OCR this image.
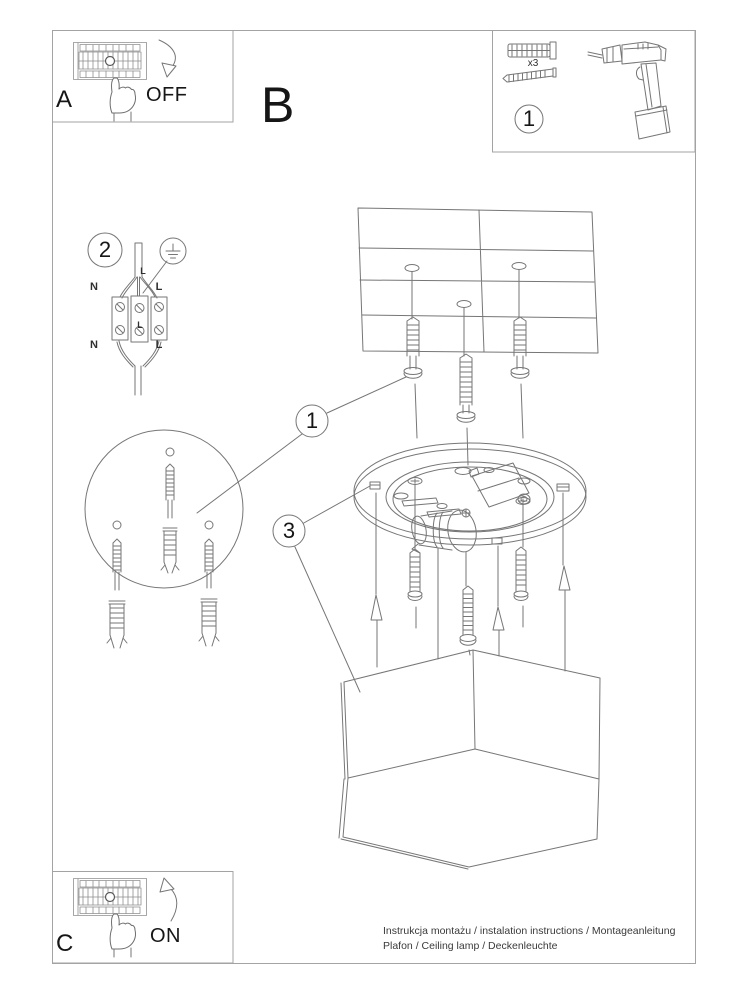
A	OFF B
x3
1
2
L
N	L
L
N	L
1
3
C	ON	Instrukcja montażu / instalation instructions / Montageanleitung
Plafon / Ceiling lamp / Deckenleuchte
